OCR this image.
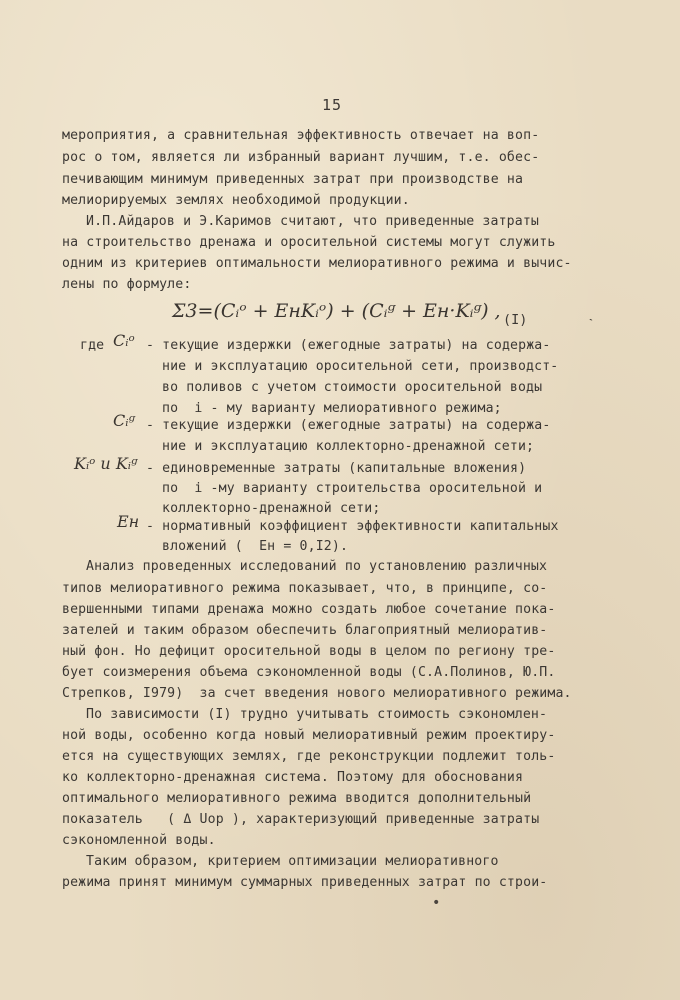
15
мероприятия, а сравнительная эффективность отвечает на воп-
рос о том, является ли избранный вариант лучшим, т.е. обес-
печивающим минимум приведенных затрат при производстве на
мелиорируемых землях необходимой продукции.
И.П.Айдаров и Э.Каримов считают, что приведенные затраты
на строительство дренажа и оросительной системы могут служить
одним из критериев оптимальности мелиоративного режима и вычис-
лены по формуле:
Σ3=(Cᵢᵒ + EнKᵢᵒ) + (Cᵢᵍ + Eн·Kᵢᵍ) , (I)
где Cᵢᵒ - текущие издержки (ежегодные затраты) на содержа-
ние и эксплуатацию оросительной сети, производст-
во поливов с учетом стоимости оросительной воды
по  i - му варианту мелиоративного режима;
Cᵢᵍ - текущие издержки (ежегодные затраты) на содержа-
ние и эксплуатацию коллекторно-дренажной сети;
Kᵢᵒ и Kᵢᵍ - единовременные затраты (капитальные вложения)
по  i -му варианту строительства оросительной и
коллекторно-дренажной сети;
Eн - нормативный коэффициент эффективности капитальных
вложений (  Eн = 0,I2).
Анализ проведенных исследований по установлению различных
типов мелиоративного режима показывает, что, в принципе, со-
вершенными типами дренажа можно создать любое сочетание пока-
зателей и таким образом обеспечить благоприятный мелиоратив-
ный фон. Но дефицит оросительной воды в целом по региону тре-
бует соизмерения объема сэкономленной воды (С.А.Полинов, Ю.П.
Стрепков, I979)  за счет введения нового мелиоративного режима.
По зависимости (I) трудно учитывать стоимость сэкономлен-
ной воды, особенно когда новый мелиоративный режим проектиру-
ется на существующих землях, где реконструкции подлежит толь-
ко коллекторно-дренажная система. Поэтому для обоснования
оптимального мелиоративного режима вводится дополнительный
показатель   ( Δ Uор ), характеризующий приведенные затраты
сэкономленной воды.
Таким образом, критерием оптимизации мелиоративного
режима принят минимум суммарных приведенных затрат по строи-
ˋ
•
